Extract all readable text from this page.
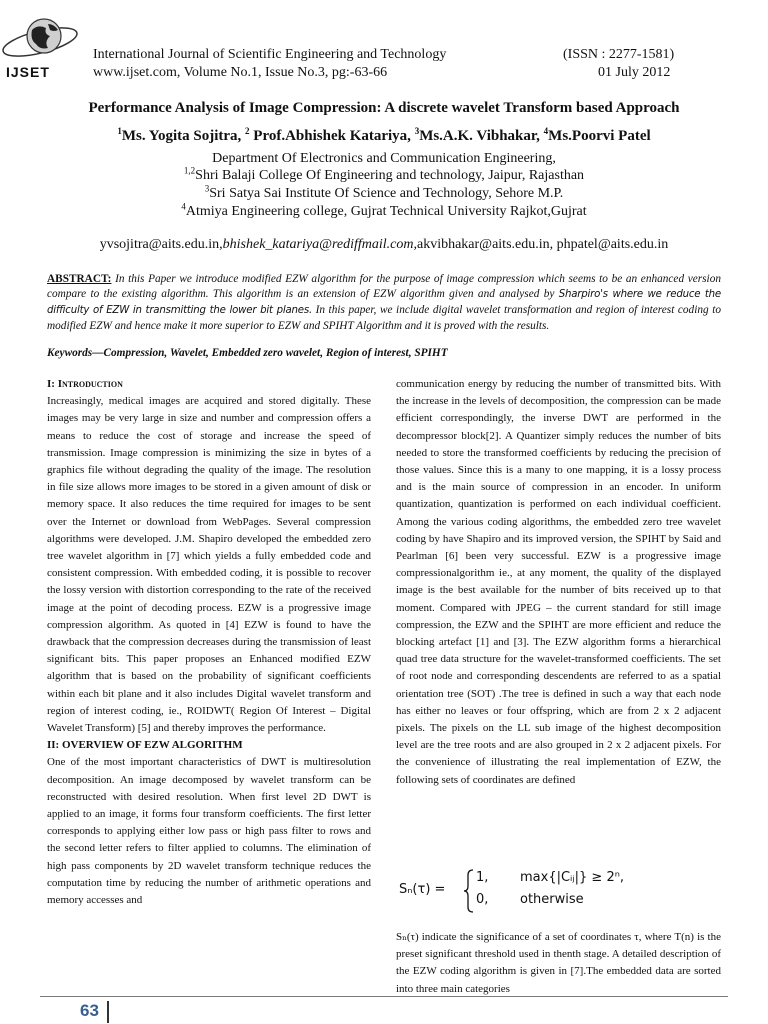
IJSET
International Journal of Scientific Engineering and Technology
www.ijset.com, Volume No.1, Issue No.3, pg:-63-66
(ISSN : 2277-1581)
01 July 2012
Performance Analysis of Image Compression: A discrete wavelet Transform based Approach
$^1$Ms. Yogita Sojitra, $^2$ Prof.Abhishek Katariya, $^3$Ms.A.K. Vibhakar, $^4$Ms.Poorvi Patel
Department Of Electronics and Communication Engineering,
$^{1,2}$Shri Balaji College Of Engineering and technology, Jaipur, Rajasthan
$^3$Sri Satya Sai Institute Of Science and Technology, Sehore M.P.
$^4$Atmiya Engineering college, Gujrat Technical University Rajkot,Gujrat
yvsojitra@aits.edu.in,bhishek_katariya@rediffmail.com,akvibhakar@aits.edu.in, phpatel@aits.edu.in
ABSTRACT: In this Paper we introduce modified EZW algorithm for the purpose of image compression which seems to be an enhanced version compare to the existing algorithm. This algorithm is an extension of EZW algorithm given and analysed by Sharpiro's where we reduce the difficulty of EZW in transmitting the lower bit planes. In this paper, we include digital wavelet transformation and region of interest coding to modified EZW and hence make it more superior to EZW and SPIHT Algorithm and it is proved with the results.
Keywords—Compression, Wavelet, Embedded zero wavelet, Region of interest, SPIHT
I: Introduction
Increasingly, medical images are acquired and stored digitally. These images may be very large in size and number and compression offers a means to reduce the cost of storage and increase the speed of transmission. Image compression is minimizing the size in bytes of a graphics file without degrading the quality of the image. The resolution in file size allows more images to be stored in a given amount of disk or memory space. It also reduces the time required for images to be sent over the Internet or download from WebPages. Several compression algorithms were developed. J.M. Shapiro developed the embedded zero tree wavelet algorithm in [7] which yields a fully embedded code and consistent compression. With embedded coding, it is possible to recover the lossy version with distortion corresponding to the rate of the received image at the point of decoding process. EZW is a progressive image compression algorithm. As quoted in [4] EZW is found to have the drawback that the compression decreases during the transmission of least significant bits. This paper proposes an Enhanced modified EZW algorithm that is based on the probability of significant coefficients within each bit plane and it also includes Digital wavelet transform and region of interest coding, ie., ROIDWT( Region Of Interest – Digital Wavelet Transform) [5] and thereby improves the performance.
II: OVERVIEW OF EZW ALGORITHM
One of the most important characteristics of DWT is multiresolution decomposition. An image decomposed by wavelet transform can be reconstructed with desired resolution. When first level 2D DWT is applied to an image, it forms four transform coefficients. The first letter corresponds to applying either low pass or high pass filter to rows and the second letter refers to filter applied to columns. The elimination of high pass components by 2D wavelet transform technique reduces the computation time by reducing the number of arithmetic operations and memory accesses and
communication energy by reducing the number of transmitted bits. With the increase in the levels of decomposition, the compression can be made efficient correspondingly, the inverse DWT are performed in the decompressor block[2]. A Quantizer simply reduces the number of bits needed to store the transformed coefficients by reducing the precision of those values. Since this is a many to one mapping, it is a lossy process and is the main source of compression in an encoder. In uniform quantization, quantization is performed on each individual coefficient. Among the various coding algorithms, the embedded zero tree wavelet coding by have Shapiro and its improved version, the SPIHT by Said and Pearlman [6] been very successful. EZW is a progressive image compressionalgorithm ie., at any moment, the quality of the displayed image is the best available for the number of bits received up to that moment. Compared with JPEG – the current standard for still image compression, the EZW and the SPIHT are more efficient and reduce the blocking artefact [1] and [3]. The EZW algorithm forms a hierarchical quad tree data structure for the wavelet-transformed coefficients. The set of root node and corresponding descendents are referred to as a spatial orientation tree (SOT) .The tree is defined in such a way that each node has either no leaves or four offspring, which are from 2 x 2 adjacent pixels. The pixels on the LL sub image of the highest decomposition level are the tree roots and are also grouped in 2 x 2 adjacent pixels. For the convenience of illustrating the real implementation of EZW, the following sets of coordinates are defined
Sₙ(τ) =
1, max{|Cᵢⱼ|} ≥ 2ⁿ,
0, otherwise
Sₙ(τ) indicate the significance of a set of coordinates τ, where T(n) is the preset significant threshold used in thenth stage. A detailed description of the EZW coding algorithm is given in [7].The embedded data are sorted into three main categories
63
